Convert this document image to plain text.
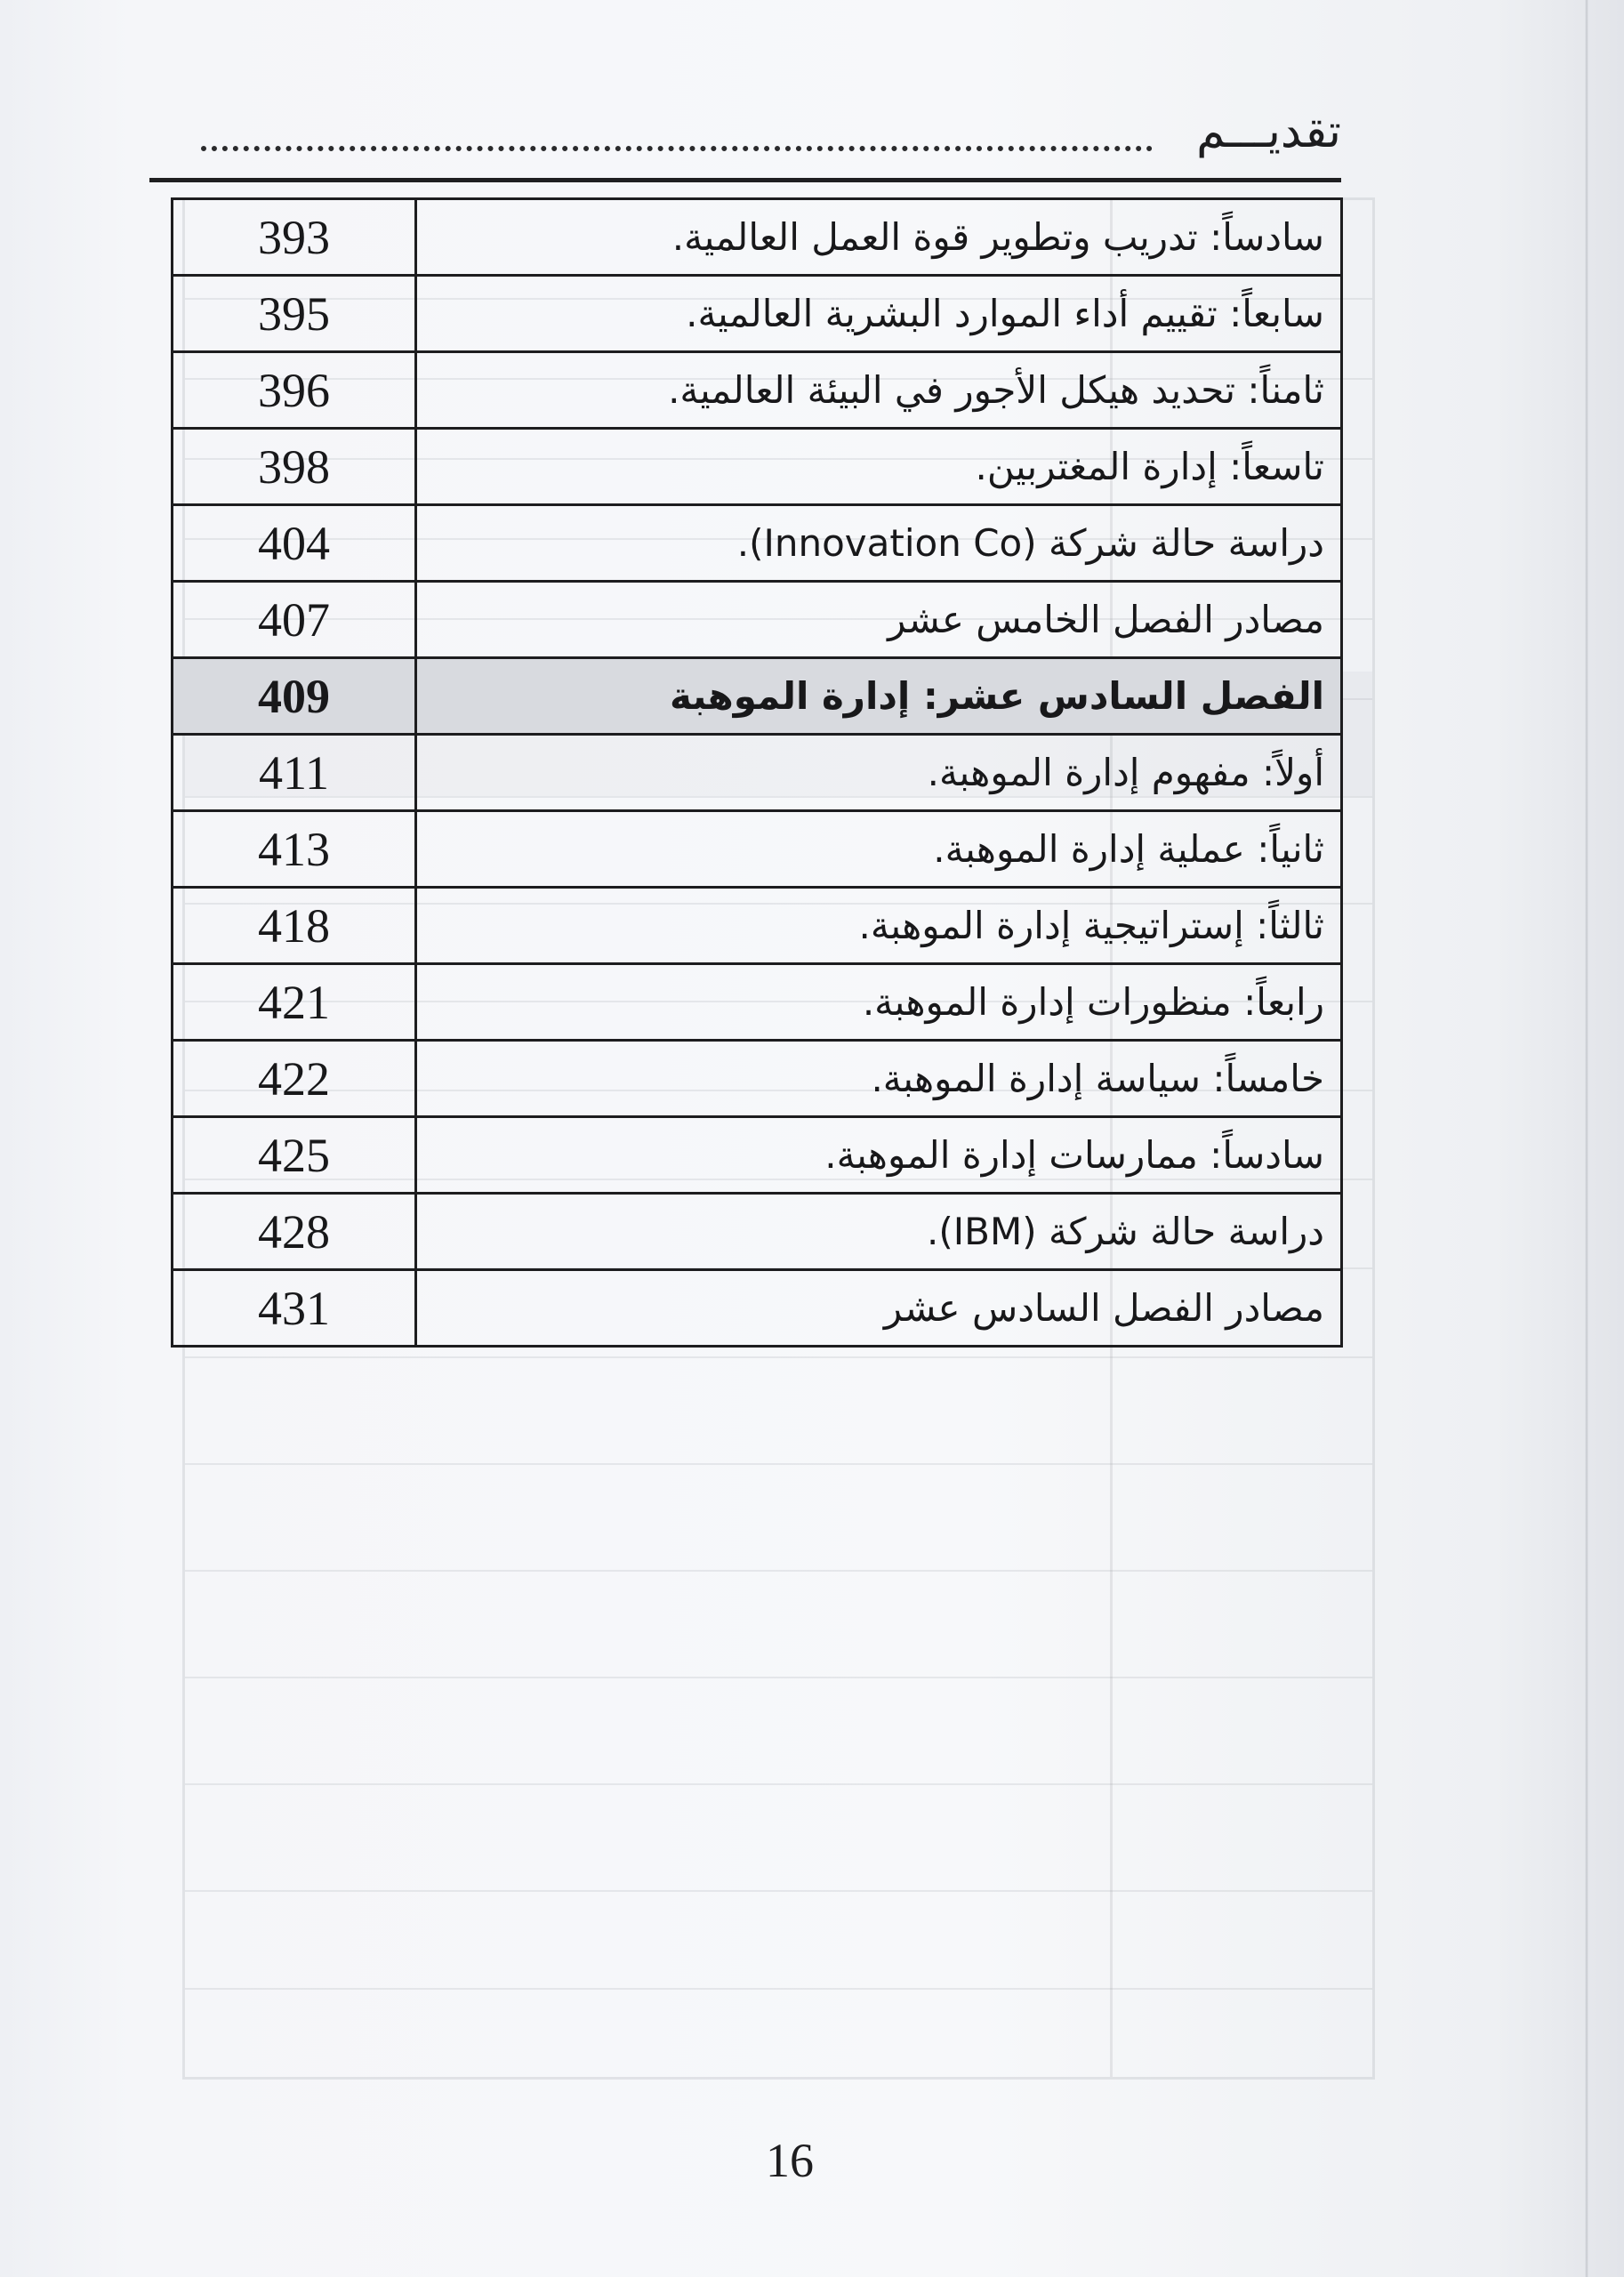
تقديـــم
سادساً: تدريب وتطوير قوة العمل العالمية.	393
سابعاً: تقييم أداء الموارد البشرية العالمية.	395
ثامناً: تحديد هيكل الأجور في البيئة العالمية.	396
تاسعاً: إدارة المغتربين.	398
دراسة حالة شركة (Innovation Co).	404
مصادر الفصل الخامس عشر	407
الفصل السادس عشر: إدارة الموهبة	409
أولاً: مفهوم إدارة الموهبة.	411
ثانياً: عملية إدارة الموهبة.	413
ثالثاً: إستراتيجية إدارة الموهبة.	418
رابعاً: منظورات إدارة الموهبة.	421
خامساً: سياسة إدارة الموهبة.	422
سادساً: ممارسات إدارة الموهبة.	425
دراسة حالة شركة (IBM).	428
مصادر الفصل السادس عشر	431
16
